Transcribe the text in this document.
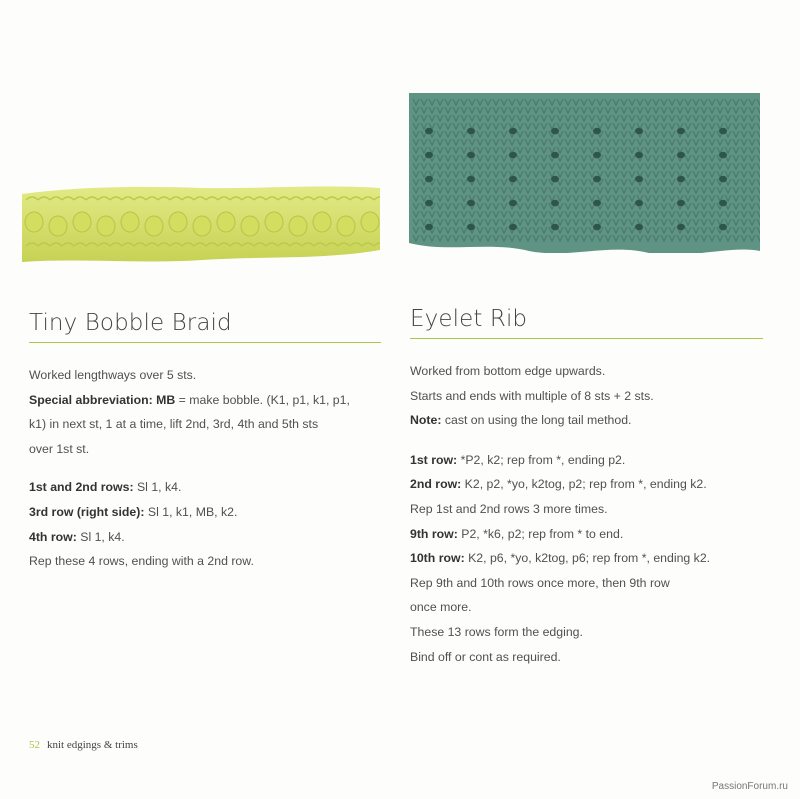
Tiny Bobble Braid

Worked lengthways over 5 sts.

Special abbreviation: MB = make bobble. (K1, p1, k1, p1,

k1) in next st, 1 at a time, lift 2nd, 3rd, 4th and 5th sts

over 1st st.

1st and 2nd rows: Sl 1, k4.

3rd row (right side): Sl 1, k1, MB, k2.

4th row: Sl 1, k4.

Rep these 4 rows, ending with a 2nd row.

Eyelet Rib

Worked from bottom edge upwards.

Starts and ends with multiple of 8 sts + 2 sts.

Note: cast on using the long tail method.

1st row: *P2, k2; rep from *, ending p2.

2nd row: K2, p2, *yo, k2tog, p2; rep from *, ending k2.

Rep 1st and 2nd rows 3 more times.

9th row: P2, *k6, p2; rep from * to end.

10th row: K2, p6, *yo, k2tog, p6; rep from *, ending k2.

Rep 9th and 10th rows once more, then 9th row

once more.

These 13 rows form the edging.

Bind off or cont as required.

52 knit edgings & trims
PassionForum.ru
